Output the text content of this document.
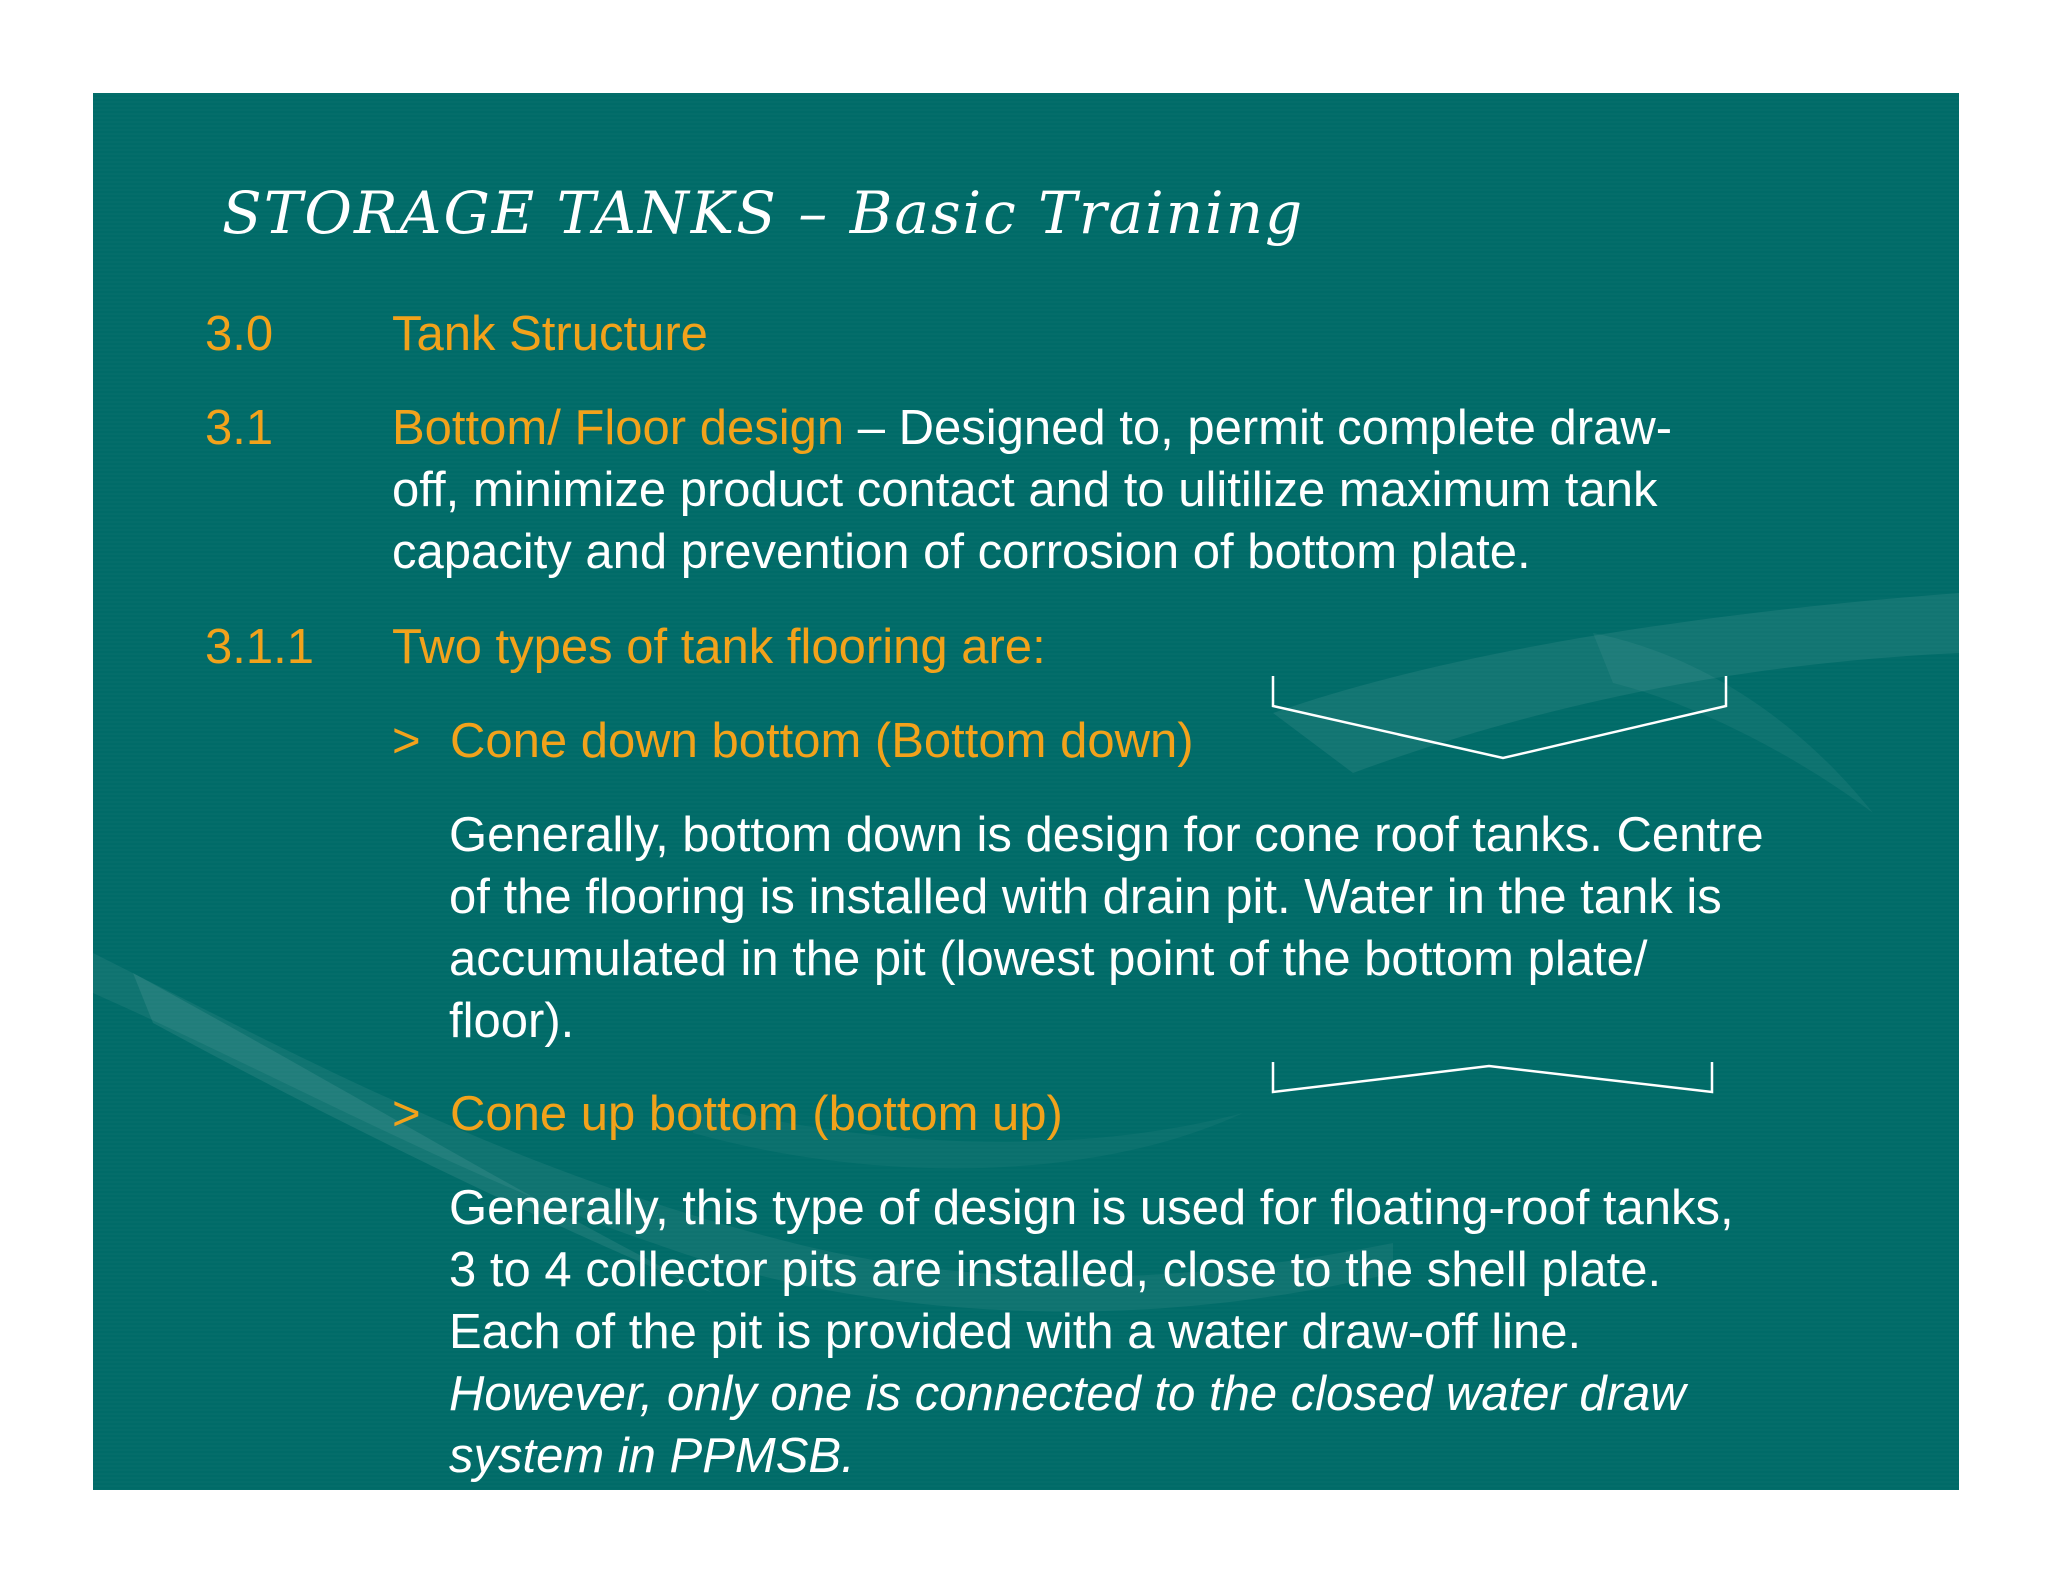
STORAGE TANKS – Basic Training
3.0 Tank Structure
3.1 Bottom/ Floor design – Designed to, permit complete draw-
off, minimize product contact and to ulitilize maximum tank
capacity and prevention of corrosion of bottom plate.
3.1.1 Two types of tank flooring are:
> Cone down bottom (Bottom down)
Generally, bottom down is design for cone roof tanks. Centre
of the flooring is installed with drain pit. Water in the tank is
accumulated in the pit (lowest point of the bottom plate/
floor).
> Cone up bottom (bottom up)
Generally, this type of design is used for floating-roof tanks,
3 to 4 collector pits are installed, close to the shell plate.
Each of the pit is provided with a water draw-off line.
However, only one is connected to the closed water draw
system in PPMSB.
